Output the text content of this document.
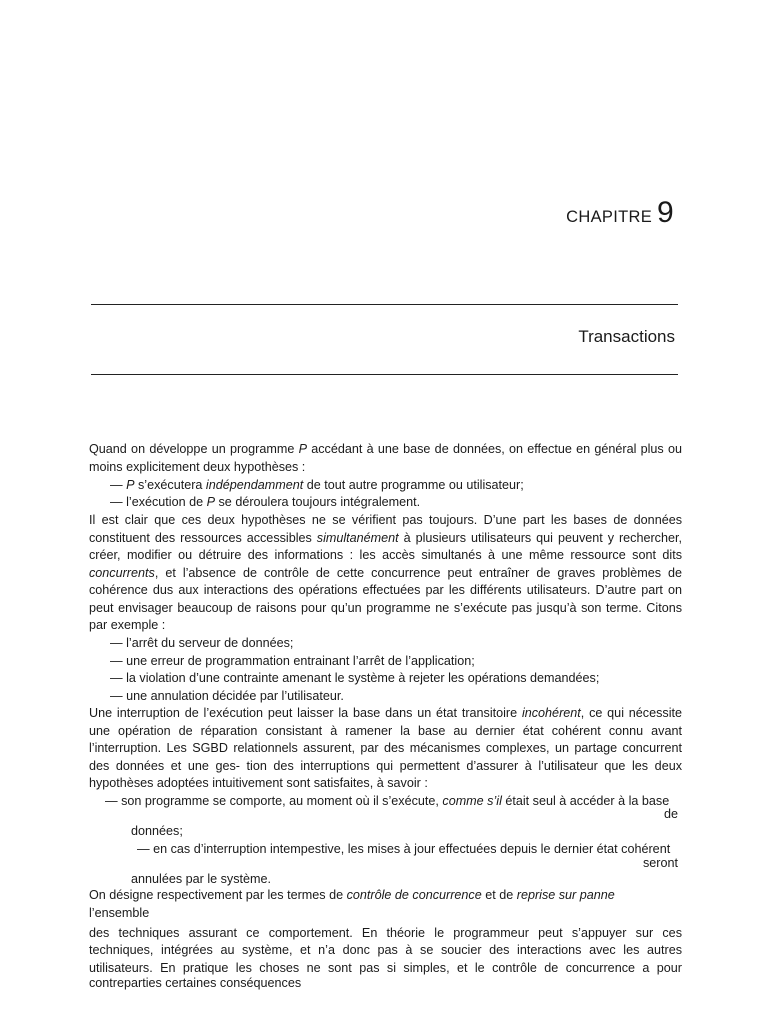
CHAPITRE 9
Transactions
Quand on développe un programme P accédant à une base de données, on effectue en général plus ou
moins explicitement deux hypothèses :
— P s’exécutera indépendamment de tout autre programme ou utilisateur;
— l’exécution de P se déroulera toujours intégralement.
Il est clair que ces deux hypothèses ne se vérifient pas toujours. D’une part les bases de données
constituent des ressources accessibles simultanément à plusieurs utilisateurs qui peuvent y rechercher,
créer, modifier ou détruire des informations : les accès simultanés à une même ressource sont dits
concurrents, et l’absence de contrôle de cette concurrence peut entraîner de graves problèmes de
cohérence dus aux interactions des opérations effectuées par les différents utilisateurs. D’autre part on
peut envisager beaucoup de raisons pour qu’un programme ne s’exécute pas jusqu’à son terme. Citons
par exemple :
— l’arrêt du serveur de données;
— une erreur de programmation entrainant l’arrêt de l’application;
— la violation d’une contrainte amenant le système à rejeter les opérations demandées;
— une annulation décidée par l’utilisateur.
Une interruption de l’exécution peut laisser la base dans un état transitoire incohérent, ce qui nécessite
une opération de réparation consistant à ramener la base au dernier état cohérent connu avant
l’interruption. Les SGBD relationnels assurent, par des mécanismes complexes, un partage concurrent
des données et une ges- tion des interruptions qui permettent d’assurer à l’utilisateur que les deux
hypothèses adoptées intuitivement sont satisfaites, à savoir :
— son programme se comporte, au moment où il s’exécute, comme s’il était seul à accéder à la base
de
données;
— en cas d’interruption intempestive, les mises à jour effectuées depuis le dernier état cohérent
seront
annulées par le système.
On désigne respectivement par les termes de contrôle de concurrence et de reprise sur panne
l’ensemble
des techniques assurant ce comportement. En théorie le programmeur peut s’appuyer sur ces
techniques, intégrées au système, et n’a donc pas à se soucier des interactions avec les autres
utilisateurs. En pratique les choses ne sont pas si simples, et le contrôle de concurrence a pour
contreparties certaines conséquences
